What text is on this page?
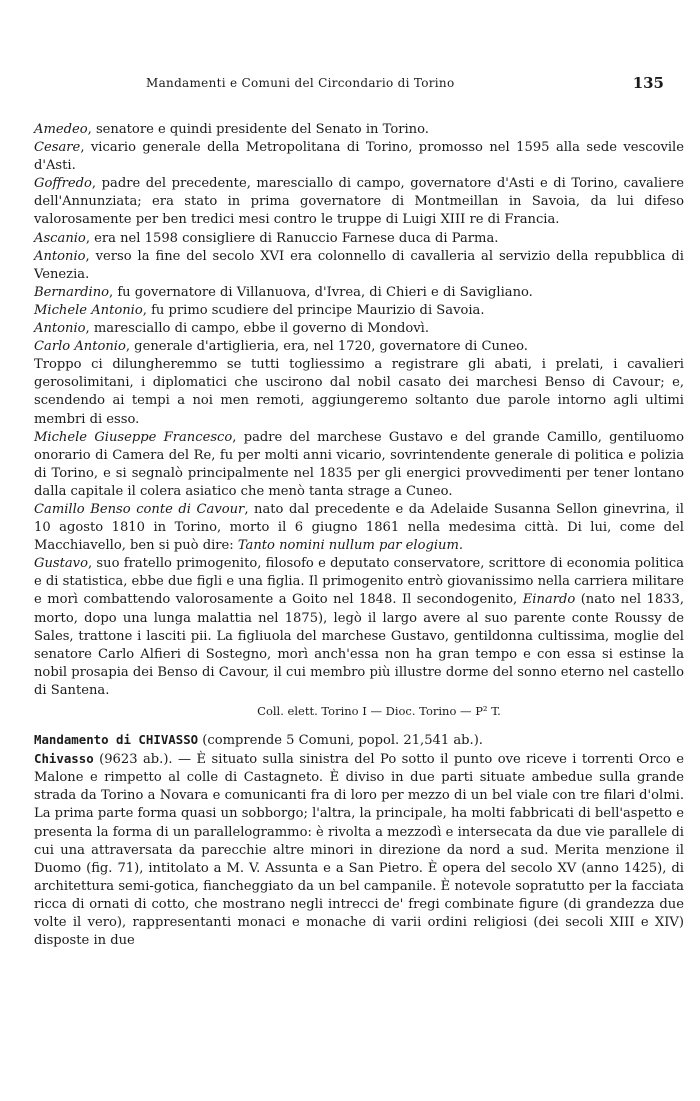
Mandamenti e Comuni del Circondario di Torino	135

Amedeo, senatore e quindi presidente del Senato in Torino.

Cesare, vicario generale della Metropolitana di Torino, promosso nel 1595 alla sede vescovile d'Asti.

Goffredo, padre del precedente, maresciallo di campo, governatore d'Asti e di Torino, cavaliere dell'Annunziata; era stato in prima governatore di Montmeillan in Savoia, da lui difeso valorosamente per ben tredici mesi contro le truppe di Luigi XIII re di Francia.

Ascanio, era nel 1598 consigliere di Ranuccio Farnese duca di Parma.

Antonio, verso la fine del secolo XVI era colonnello di cavalleria al servizio della repubblica di Venezia.

Bernardino, fu governatore di Villanuova, d'Ivrea, di Chieri e di Savigliano.

Michele Antonio, fu primo scudiere del principe Maurizio di Savoia.

Antonio, maresciallo di campo, ebbe il governo di Mondovì.

Carlo Antonio, generale d'artiglieria, era, nel 1720, governatore di Cuneo.

Troppo ci dilungheremmo se tutti togliessimo a registrare gli abati, i prelati, i cavalieri gerosolimitani, i diplomatici che uscirono dal nobil casato dei marchesi Benso di Cavour; e, scendendo ai tempi a noi men remoti, aggiungeremo soltanto due parole intorno agli ultimi membri di esso.

Michele Giuseppe Francesco, padre del marchese Gustavo e del grande Camillo, gentiluomo onorario di Camera del Re, fu per molti anni vicario, sovrintendente generale di politica e polizia di Torino, e si segnalò principalmente nel 1835 per gli energici provvedimenti per tener lontano dalla capitale il colera asiatico che menò tanta strage a Cuneo.

Camillo Benso conte di Cavour, nato dal precedente e da Adelaide Susanna Sellon ginevrina, il 10 agosto 1810 in Torino, morto il 6 giugno 1861 nella medesima città. Di lui, come del Macchiavello, ben si può dire: Tanto nomini nullum par elogium.

Gustavo, suo fratello primogenito, filosofo e deputato conservatore, scrittore di economia politica e di statistica, ebbe due figli e una figlia. Il primogenito entrò giovanissimo nella carriera militare e morì combattendo valorosamente a Goito nel 1848. Il secondogenito, Einardo (nato nel 1833, morto, dopo una lunga malattia nel 1875), legò il largo avere al suo parente conte Roussy de Sales, trattone i lasciti pii. La figliuola del marchese Gustavo, gentildonna cultissima, moglie del senatore Carlo Alfieri di Sostegno, morì anch'essa non ha gran tempo e con essa si estinse la nobil prosapia dei Benso di Cavour, il cui membro più illustre dorme del sonno eterno nel castello di Santena.

Coll. elett. Torino I — Dioc. Torino — P² T.

Mandamento di CHIVASSO (comprende 5 Comuni, popol. 21,541 ab.).

Chivasso (9623 ab.). — È situato sulla sinistra del Po sotto il punto ove riceve i torrenti Orco e Malone e rimpetto al colle di Castagneto. È diviso in due parti situate ambedue sulla grande strada da Torino a Novara e comunicanti fra di loro per mezzo di un bel viale con tre filari d'olmi. La prima parte forma quasi un sobborgo; l'altra, la principale, ha molti fabbricati di bell'aspetto e presenta la forma di un parallelogrammo: è rivolta a mezzodì e intersecata da due vie parallele di cui una attraversata da parecchie altre minori in direzione da nord a sud. Merita menzione il Duomo (fig. 71), intitolato a M. V. Assunta e a San Pietro. È opera del secolo XV (anno 1425), di architettura semi-gotica, fiancheggiato da un bel campanile. È notevole sopratutto per la facciata ricca di ornati di cotto, che mostrano negli intrecci de' fregi combinate figure (di grandezza due volte il vero), rappresentanti monaci e monache di varii ordini religiosi (dei secoli XIII e XIV) disposte in due
